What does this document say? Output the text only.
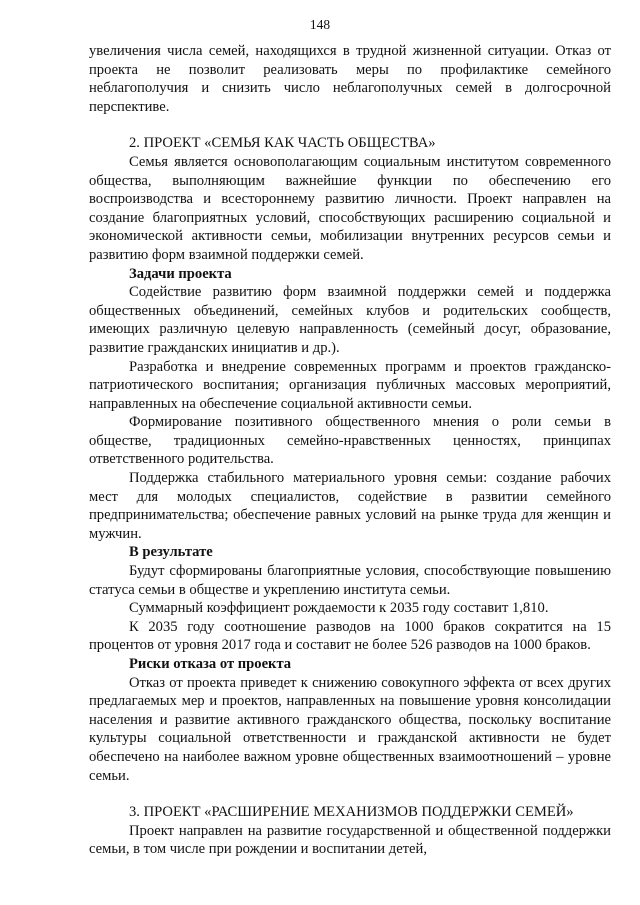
148

увеличения числа семей, находящихся в трудной жизненной ситуации. Отказ от проекта не позволит реализовать меры по профилактике семейного неблагополучия и снизить число неблагополучных семей в долгосрочной перспективе.

2. ПРОЕКТ «СЕМЬЯ КАК ЧАСТЬ ОБЩЕСТВА»

Семья является основополагающим социальным институтом современного общества, выполняющим важнейшие функции по обеспечению его воспроизводства и всестороннему развитию личности. Проект направлен на создание благоприятных условий, способствующих расширению социальной и экономической активности семьи, мобилизации внутренних ресурсов семьи и развитию форм взаимной поддержки семей.

Задачи проекта

Содействие развитию форм взаимной поддержки семей и поддержка общественных объединений, семейных клубов и родительских сообществ, имеющих различную целевую направленность (семейный досуг, образование, развитие гражданских инициатив и др.).

Разработка и внедрение современных программ и проектов гражданско-патриотического воспитания; организация публичных массовых мероприятий, направленных на обеспечение социальной активности семьи.

Формирование позитивного общественного мнения о роли семьи в обществе, традиционных семейно-нравственных ценностях, принципах ответственного родительства.

Поддержка стабильного материального уровня семьи: создание рабочих мест для молодых специалистов, содействие в развитии семейного предпринимательства; обеспечение равных условий на рынке труда для женщин и мужчин.

В результате

Будут сформированы благоприятные условия, способствующие повышению статуса семьи в обществе и укреплению института семьи.

Суммарный коэффициент рождаемости к 2035 году составит 1,810.

К 2035 году соотношение разводов на 1000 браков сократится на 15 процентов от уровня 2017 года и составит не более 526 разводов на 1000 браков.

Риски отказа от проекта

Отказ от проекта приведет к снижению совокупного эффекта от всех других предлагаемых мер и проектов, направленных на повышение уровня консолидации населения и развитие активного гражданского общества, поскольку воспитание культуры социальной ответственности и гражданской активности не будет обеспечено на наиболее важном уровне общественных взаимоотношений – уровне семьи.

3. ПРОЕКТ «РАСШИРЕНИЕ МЕХАНИЗМОВ ПОДДЕРЖКИ СЕМЕЙ»

Проект направлен на развитие государственной и общественной поддержки семьи, в том числе при рождении и воспитании детей,
